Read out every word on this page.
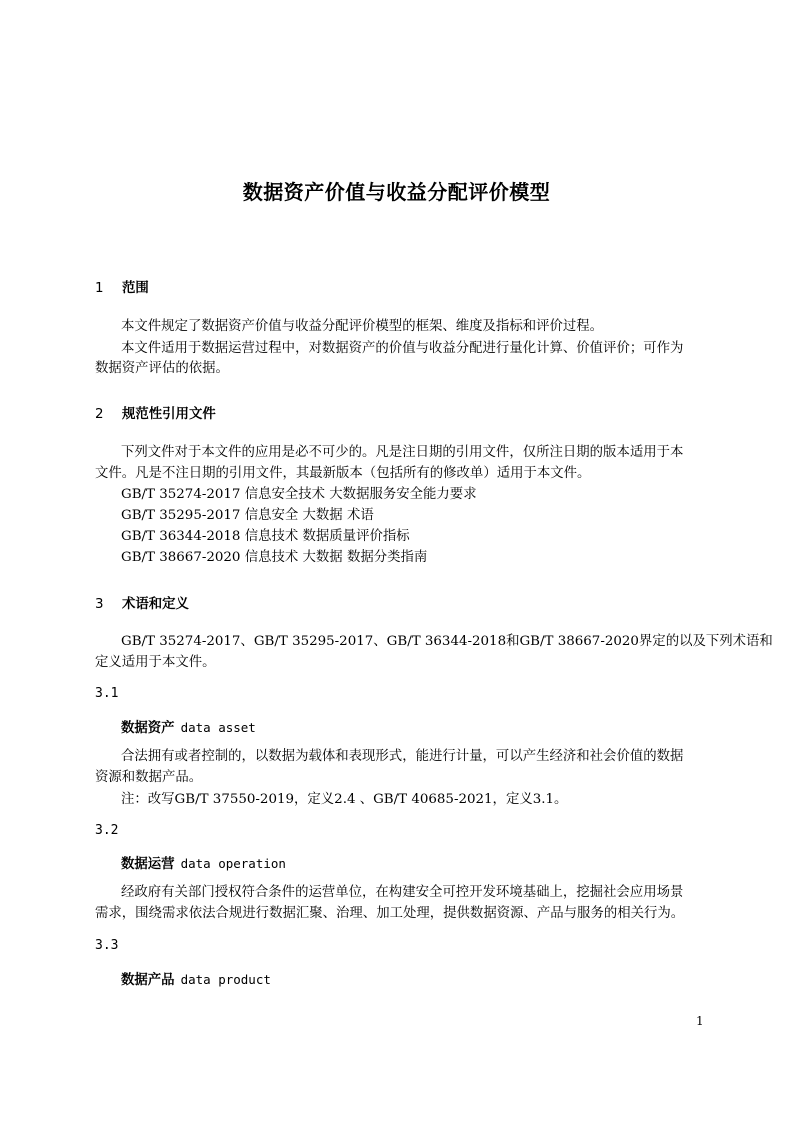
数据资产价值与收益分配评价模型
1 范围
本文件规定了数据资产价值与收益分配评价模型的框架、维度及指标和评价过程。
本文件适用于数据运营过程中，对数据资产的价值与收益分配进行量化计算、价值评价；可作为
数据资产评估的依据。
2 规范性引用文件
下列文件对于本文件的应用是必不可少的。凡是注日期的引用文件，仅所注日期的版本适用于本
文件。凡是不注日期的引用文件，其最新版本（包括所有的修改单）适用于本文件。
GB/T 35274-2017 信息安全技术 大数据服务安全能力要求
GB/T 35295-2017 信息安全 大数据 术语
GB/T 36344-2018 信息技术 数据质量评价指标
GB/T 38667-2020 信息技术 大数据 数据分类指南
3 术语和定义
GB/T 35274-2017、GB/T 35295-2017、GB/T 36344-2018和GB/T 38667-2020界定的以及下列术语和
定义适用于本文件。
3.1
数据资产 data asset
合法拥有或者控制的，以数据为载体和表现形式，能进行计量，可以产生经济和社会价值的数据
资源和数据产品。
注：改写GB/T 37550-2019，定义2.4 、GB/T 40685-2021，定义3.1。
3.2
数据运营 data operation
经政府有关部门授权符合条件的运营单位，在构建安全可控开发环境基础上，挖掘社会应用场景
需求，围绕需求依法合规进行数据汇聚、治理、加工处理，提供数据资源、产品与服务的相关行为。
3.3
数据产品 data product
1
